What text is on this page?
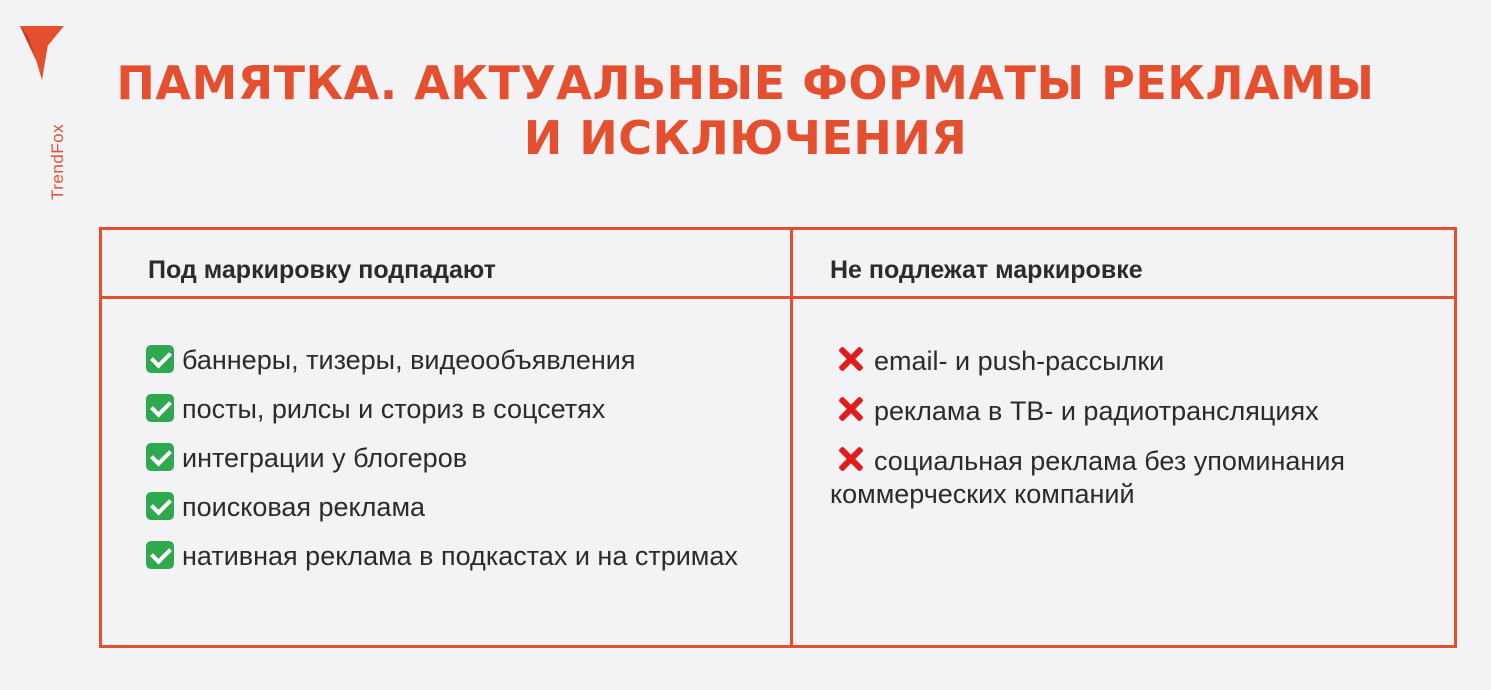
TrendFox
ПАМЯТКА. АКТУАЛЬНЫЕ ФОРМАТЫ РЕКЛАМЫ
И ИСКЛЮЧЕНИЯ
Под маркировку подпадают	Не подлежат маркировке
баннеры, тизеры, видеообъявления
посты, рилсы и сториз в соцсетях
интеграции у блогеров
поисковая реклама
нативная реклама в подкастах и на стримах
email- и push-рассылки
реклама в ТВ- и радиотрансляциях
социальная реклама без упоминания коммерческих компаний
